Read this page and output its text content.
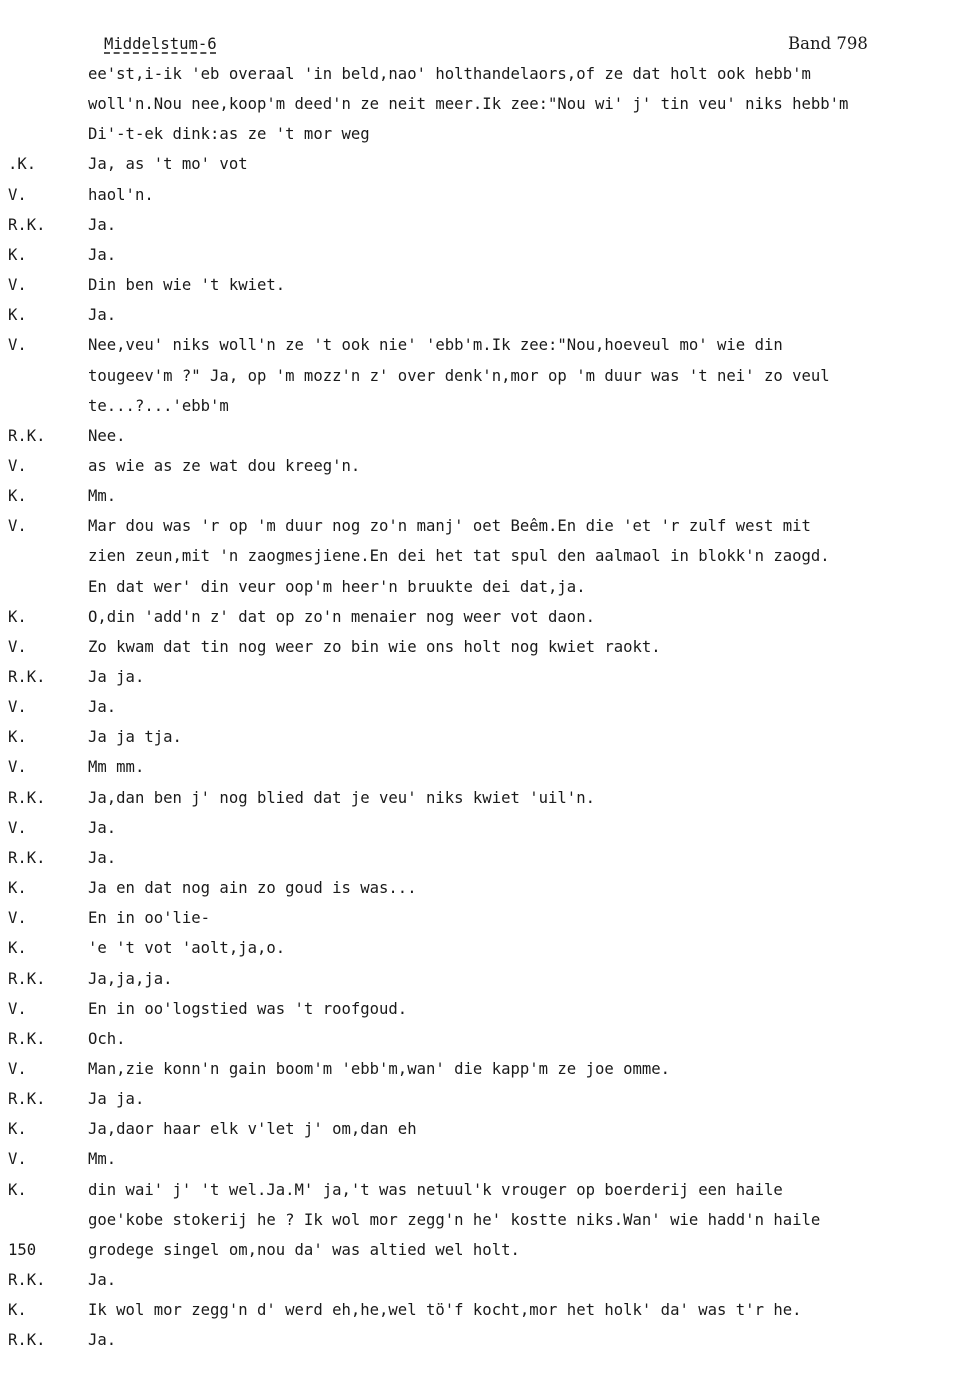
Middelstum-6	Band 798
ee'st,i-ik 'eb overaal 'in beld,nao' holthandelaors,of ze dat holt ook hebb'm
woll'n.Nou nee,koop'm deed'n ze neit meer.Ik zee:"Nou wi' j' tin veu' niks hebb'm
Di'-t-ek dink:as ze 't mor weg
.K.	Ja, as 't mo' vot
V.	haol'n.
R.K.	Ja.
K.	Ja.
V.	Din ben wie 't kwiet.
K.	Ja.
V.	Nee,veu' niks woll'n ze 't ook nie' 'ebb'm.Ik zee:"Nou,hoeveul mo' wie din
tougeev'm ?" Ja, op 'm mozz'n z' over denk'n,mor op 'm duur was 't nei' zo veul
te...?...'ebb'm
R.K.	Nee.
V.	as wie as ze wat dou kreeg'n.
K.	Mm.
V.	Mar dou was 'r op 'm duur nog zo'n manj' oet Beêm.En die 'et 'r zulf west mit
zien zeun,mit 'n zaogmesjiene.En dei het tat spul den aalmaol in blokk'n zaogd.
En dat wer' din veur oop'm heer'n bruukte dei dat,ja.
K.	O,din 'add'n z' dat op zo'n menaier nog weer vot daon.
V.	Zo kwam dat tin nog weer zo bin wie ons holt nog kwiet raokt.
R.K.	Ja ja.
V.	Ja.
K.	Ja ja tja.
V.	Mm mm.
R.K.	Ja,dan ben j' nog blied dat je veu' niks kwiet 'uil'n.
V.	Ja.
R.K.	Ja.
K.	Ja en dat nog ain zo goud is was...
V.	En in oo'lie-
K.	'e 't vot 'aolt,ja,o.
R.K.	Ja,ja,ja.
V.	En in oo'logstied was 't roofgoud.
R.K.	Och.
V.	Man,zie konn'n gain boom'm 'ebb'm,wan' die kapp'm ze joe omme.
R.K.	Ja ja.
K.	Ja,daor haar elk v'let j' om,dan eh
V.	Mm.
K.	din wai' j' 't wel.Ja.M' ja,'t was netuul'k vrouger op boerderij een haile
goe'kobe stokerij he ? Ik wol mor zegg'n he' kostte niks.Wan' wie hadd'n haile
150	grodege singel om,nou da' was altied wel holt.
R.K.	Ja.
K.	Ik wol mor zegg'n d' werd eh,he,wel tö'f kocht,mor het holk' da' was t'r he.
R.K.	Ja.
